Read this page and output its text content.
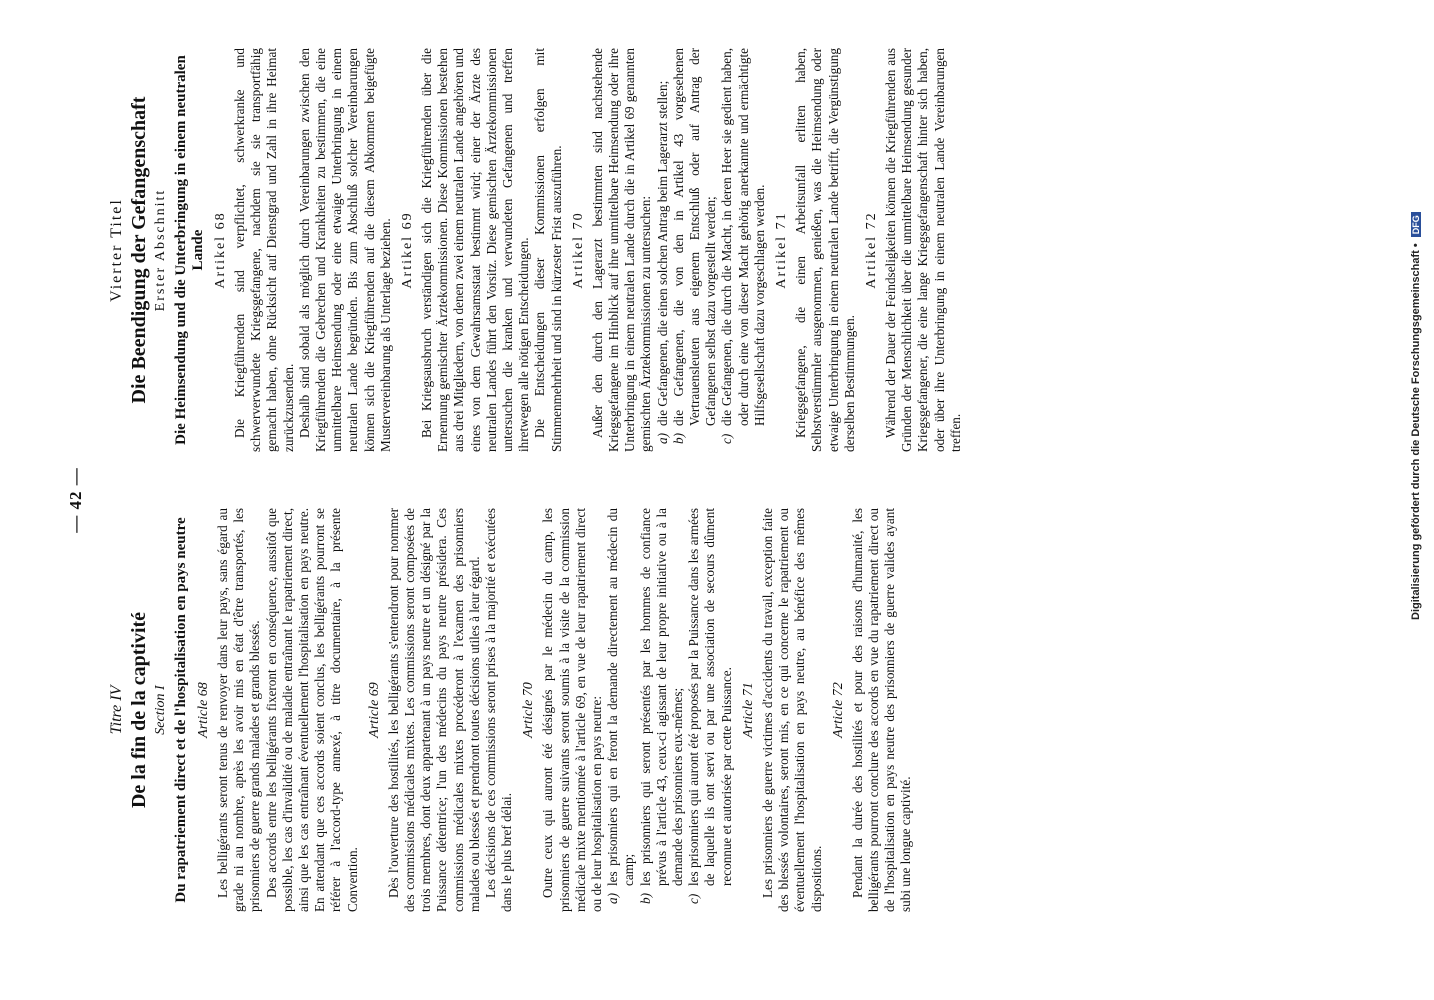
— 42 —
Titre IV De la fin de la captivité Section I Du rapatriement direct et de l'hospitalisation en pays neutre Article 68 Les belligérants seront tenus de renvoyer dans leur pays, sans égard au grade ni au nombre, après les avoir mis en état d'être transportés, les prisonniers de guerre grands malades et grands blessés. Des accords entre les belligérants fixeront en conséquence, aussitôt que possible, les cas d'invalidité ou de maladie entraînant le rapatriement direct, ainsi que les cas entraînant éventuellement l'hospitalisation en pays neutre. En attendant que ces accords soient conclus, les belligérants pourront se référer à l'accord-type annexé, à titre documentaire, à la présente Convention.

Article 69 Dès l'ouverture des hostilités, les belligérants s'entendront pour nommer des commissions médicales mixtes. Les commissions seront composées de trois membres, dont deux appartenant à un pays neutre et un désigné par la Puissance détentrice; l'un des médecins du pays neutre présidera. Ces commissions médicales mixtes procéderont à l'examen des prisonniers malades ou blessés et prendront toutes décisions utiles à leur égard. Les décisions de ces commissions seront prises à la majorité et exécutées dans le plus bref délai.

Article 70 Outre ceux qui auront été désignés par le médecin du camp, les prisonniers de guerre suivants seront soumis à la visite de la commission médicale mixte mentionnée à l'article 69, en vue de leur rapatriement direct ou de leur hospitalisation en pays neutre: a)
les prisonniers qui en feront la demande directement au médecin du camp;
b)
les prisonniers qui seront présentés par les hommes de confiance prévus à l'article 43, ceux-ci agissant de leur propre initiative ou à la demande des prisonniers eux-mêmes;
c)
les prisonniers qui auront été proposés par la Puissance dans les armées de laquelle ils ont servi ou par une association de secours dûment reconnue et autorisée par cette Puissance. Article 71 Les prisonniers de guerre victimes d'accidents du travail, exception faite des blessés volontaires, seront mis, en ce qui concerne le rapatriement ou éventuellement l'hospitalisation en pays neutre, au bénéfice des mêmes dispositions.

Article 72 Pendant la durée des hostilités et pour des raisons d'humanité, les belligérants pourront conclure des accords en vue du rapatriement direct ou de l'hospitalisation en pays neutre des prisonniers de guerre valides ayant subi une longue captivité.

Vierter Titel Die Beendigung der Gefangenschaft Erster Abschnitt Die Heimsendung und die Unterbringung in einem neutralen Lande Artikel 68 Die Kriegführenden sind verpflichtet, schwerkranke und schwerverwundete Kriegsgefangene, nachdem sie sie transportfähig gemacht haben, ohne Rücksicht auf Dienstgrad und Zahl in ihre Heimat zurückzusenden. Deshalb sind sobald als möglich durch Vereinbarungen zwischen den Kriegführenden die Gebrechen und Krankheiten zu bestimmen, die eine unmittelbare Heimsendung oder eine etwaige Unterbringung in einem neutralen Lande begründen. Bis zum Abschluß solcher Vereinbarungen können sich die Kriegführenden auf die diesem Abkommen beigefügte Mustervereinbarung als Unterlage beziehen. Artikel 69 Bei Kriegsausbruch verständigen sich die Kriegführenden über die Ernennung gemischter Ärztekommissionen. Diese Kommissionen bestehen aus drei Mitgliedern, von denen zwei einem neutralen Lande angehören und eines von dem Gewahrsamsstaat bestimmt wird; einer der Ärzte des neutralen Landes führt den Vorsitz. Diese gemischten Ärztekommissionen untersuchen die kranken und verwundeten Gefangenen und treffen ihretwegen alle nötigen Entscheidungen. Die Entscheidungen dieser Kommissionen erfolgen mit Stimmenmehrheit und sind in kürzester Frist auszuführen. Artikel 70 Außer den durch den Lagerarzt bestimmten sind nachstehende Kriegsgefangene im Hinblick auf ihre unmittelbare Heimsendung oder ihre Unterbringung in einem neutralen Lande durch die in Artikel 69 genannten gemischten Ärztekommissionen zu untersuchen: a)
die Gefangenen, die einen solchen Antrag beim Lagerarzt stellen;
b)
die Gefangenen, die von den in Artikel 43 vorgesehenen Vertrauensleuten aus eigenem Entschluß oder auf Antrag der Gefangenen selbst dazu vorgestellt werden;
c)
die Gefangenen, die durch die Macht, in deren Heer sie gedient haben, oder durch eine von dieser Macht gehörig anerkannte und ermächtigte Hilfsgesellschaft dazu vorgeschlagen werden. Artikel 71 Kriegsgefangene, die einen Arbeitsunfall erlitten haben, Selbstverstümmler ausgenommen, genießen, was die Heimsendung oder etwaige Unterbringung in einem neutralen Lande betrifft, die Vergünstigung derselben Bestimmungen.

Artikel 72 Während der Dauer der Feindseligkeiten können die Kriegführenden aus Gründen der Menschlichkeit über die unmittelbare Heimsendung gesunder Kriegsgefangener, die eine lange Kriegsgefangenschaft hinter sich haben, oder über ihre Unterbringung in einem neutralen Lande Vereinbarungen treffen.	Digitalisierung gefördert durch die Deutsche Forschungsgemeinschaft • DFG
